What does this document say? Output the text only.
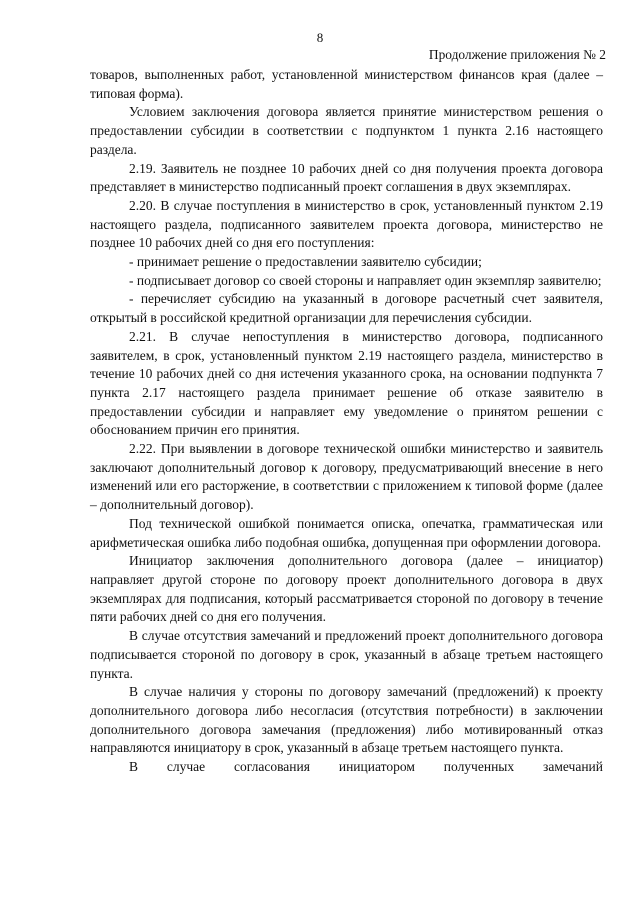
8
Продолжение приложения № 2

товаров, выполненных работ, установленной министерством финансов края (далее – типовая форма).

Условием заключения договора является принятие министерством решения о предоставлении субсидии в соответствии с подпунктом 1 пункта 2.16 настоящего раздела.

2.19. Заявитель не позднее 10 рабочих дней со дня получения проекта договора представляет в министерство подписанный проект соглашения в двух экземплярах.

2.20. В случае поступления в министерство в срок, установленный пунктом 2.19 настоящего раздела, подписанного заявителем проекта договора, министерство не позднее 10 рабочих дней со дня его поступления:

- принимает решение о предоставлении заявителю субсидии;

- подписывает договор со своей стороны и направляет один экземпляр заявителю;

- перечисляет субсидию на указанный в договоре расчетный счет заявителя, открытый в российской кредитной организации для перечисления субсидии.

2.21. В случае непоступления в министерство договора, подписанного заявителем, в срок, установленный пунктом 2.19 настоящего раздела, министерство в течение 10 рабочих дней со дня истечения указанного срока, на основании подпункта 7 пункта 2.17 настоящего раздела принимает решение об отказе заявителю в предоставлении субсидии и направляет ему уведомление о принятом решении с обоснованием причин его принятия.

2.22. При выявлении в договоре технической ошибки министерство и заявитель заключают дополнительный договор к договору, предусматривающий внесение в него изменений или его расторжение, в соответствии с приложением к типовой форме (далее – дополнительный договор).

Под технической ошибкой понимается описка, опечатка, грамматическая или арифметическая ошибка либо подобная ошибка, допущенная при оформлении договора.

Инициатор заключения дополнительного договора (далее – инициатор) направляет другой стороне по договору проект дополнительного договора в двух экземплярах для подписания, который рассматривается стороной по договору в течение пяти рабочих дней со дня его получения.

В случае отсутствия замечаний и предложений проект дополнительного договора подписывается стороной по договору в срок, указанный в абзаце третьем настоящего пункта.

В случае наличия у стороны по договору замечаний (предложений) к проекту дополнительного договора либо несогласия (отсутствия потребности) в заключении дополнительного договора замечания (предложения) либо мотивированный отказ направляются инициатору в срок, указанный в абзаце третьем настоящего пункта.

В случае согласования инициатором полученных замечаний
